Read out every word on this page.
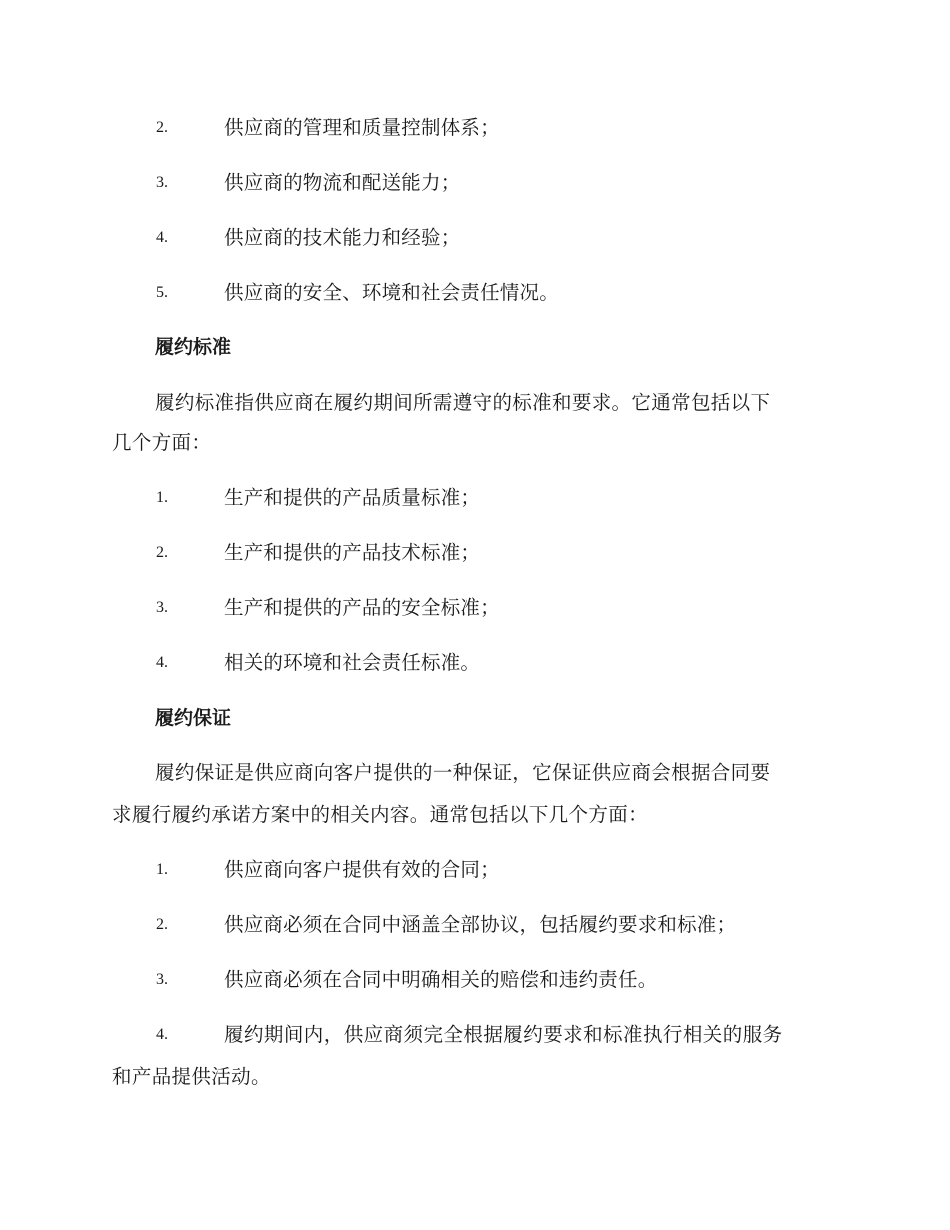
2.	供应商的管理和质量控制体系；
3.	供应商的物流和配送能力；
4.	供应商的技术能力和经验；
5.	供应商的安全、环境和社会责任情况。
履约标准
履约标准指供应商在履约期间所需遵守的标准和要求。它通常包括以下
几个方面：
1.	生产和提供的产品质量标准；
2.	生产和提供的产品技术标准；
3.	生产和提供的产品的安全标准；
4.	相关的环境和社会责任标准。
履约保证
履约保证是供应商向客户提供的一种保证，它保证供应商会根据合同要
求履行履约承诺方案中的相关内容。通常包括以下几个方面：
1.	供应商向客户提供有效的合同；
2.	供应商必须在合同中涵盖全部协议，包括履约要求和标准；
3.	供应商必须在合同中明确相关的赔偿和违约责任。
4.	履约期间内，供应商须完全根据履约要求和标准执行相关的服务
和产品提供活动。
